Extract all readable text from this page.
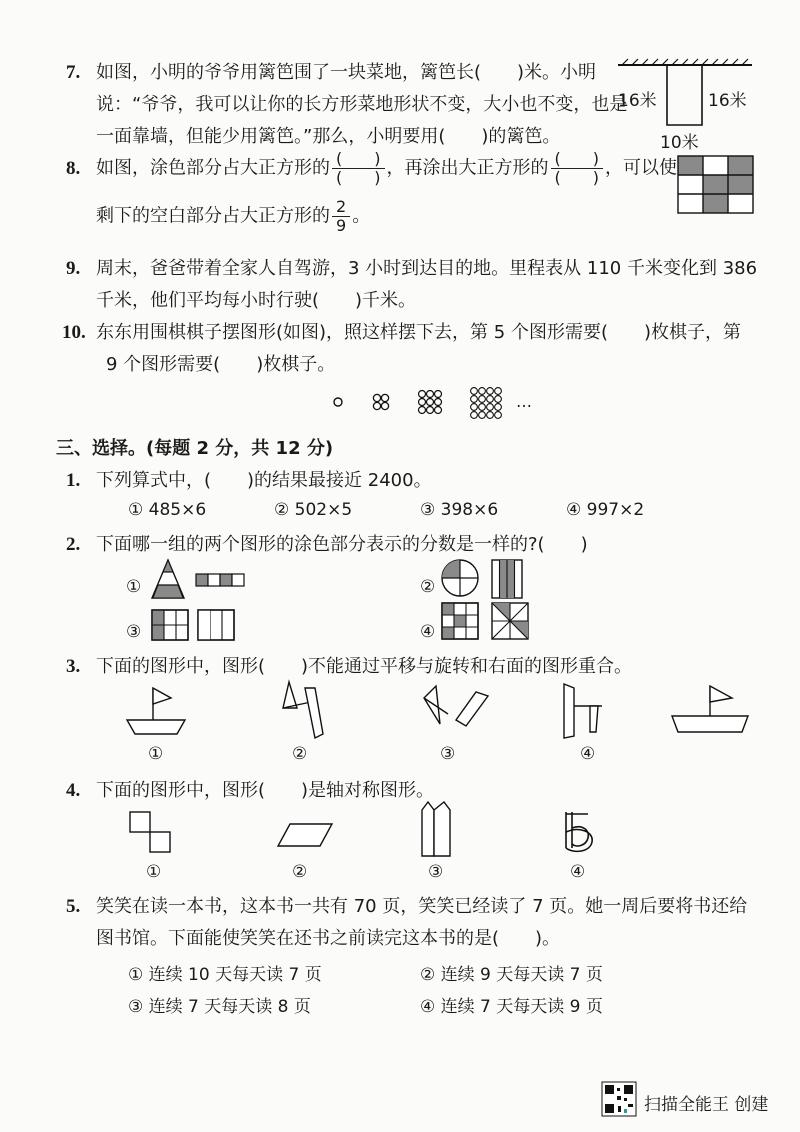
7. 如图，小明的爷爷用篱笆围了一块菜地，篱笆长(　　)米。小明
说：“爷爷，我可以让你的长方形菜地形状不变，大小也不变，也是
一面靠墙，但能少用篱笆。”那么，小明要用(　　)的篱笆。
16米	16米
10米
8. 如图，涂色部分占大正方形的 $\frac{( )}{( )}$ ，再涂出大正方形的 $\frac{( )}{( )}$ ，可以使
剩下的空白部分占大正方形的 $\frac{2}{9}$ 。
9. 周末，爸爸带着全家人自驾游，3 小时到达目的地。里程表从 110 千米变化到 386
千米，他们平均每小时行驶(　　)千米。
10. 东东用围棋棋子摆图形(如图)，照这样摆下去，第 5 个图形需要(　　)枚棋子，第
9 个图形需要(　　)枚棋子。
…
三、选择。(每题 2 分，共 12 分)
1. 下列算式中，(　　)的结果最接近 2400。
① 485×6	② 502×5	③ 398×6	④ 997×2
2. 下面哪一组的两个图形的涂色部分表示的分数是一样的?(　　)
①	②
③	④
3. 下面的图形中，图形(　　)不能通过平移与旋转和右面的图形重合。
①	②	③	④
4. 下面的图形中，图形(　　)是轴对称图形。
①	②	③	④
5. 笑笑在读一本书，这本书一共有 70 页，笑笑已经读了 7 页。她一周后要将书还给
图书馆。下面能使笑笑在还书之前读完这本书的是(　　)。
① 连续 10 天每天读 7 页	② 连续 9 天每天读 7 页
③ 连续 7 天每天读 8 页	④ 连续 7 天每天读 9 页
扫描全能王 创建
